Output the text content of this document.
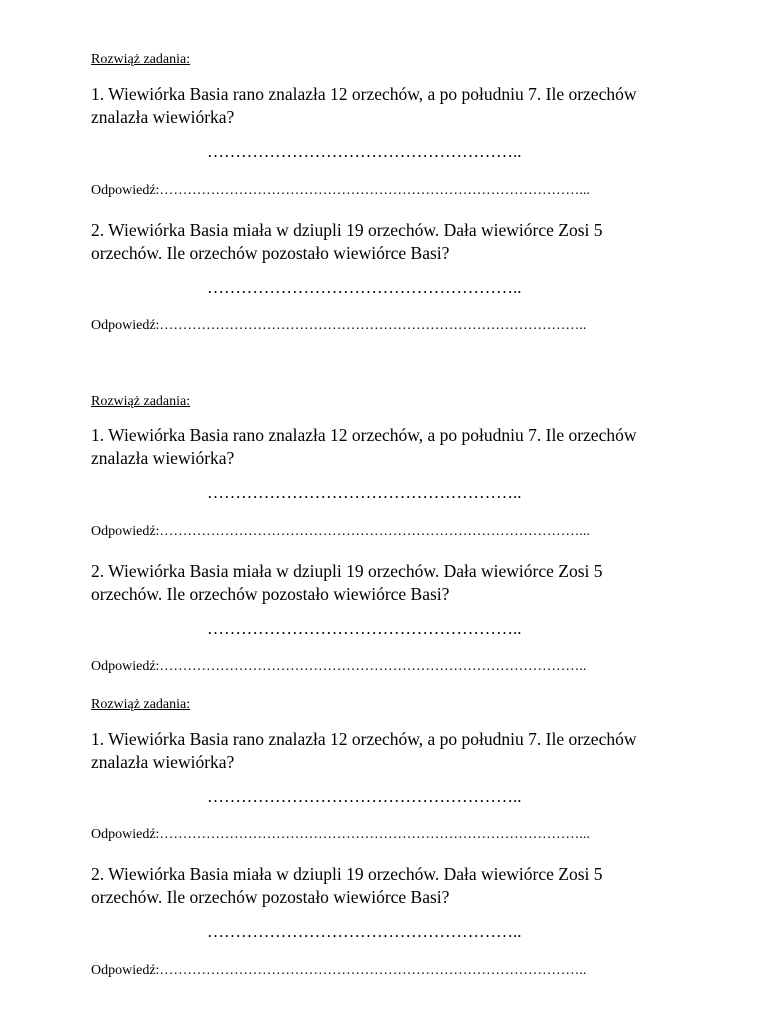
Rozwiąż zadania:
1. Wiewiórka Basia rano znalazła 12 orzechów, a po południu 7. Ile orzechów
znalazła wiewiórka?
………………………………………………..
Odpowiedź:………………………………………………………………………………...
2. Wiewiórka Basia miała w dziupli 19 orzechów. Dała wiewiórce Zosi 5
orzechów. Ile orzechów pozostało wiewiórce Basi?
………………………………………………..
Odpowiedź:………………………………………………………………………………..
Rozwiąż zadania:
1. Wiewiórka Basia rano znalazła 12 orzechów, a po południu 7. Ile orzechów
znalazła wiewiórka?
………………………………………………..
Odpowiedź:………………………………………………………………………………...
2. Wiewiórka Basia miała w dziupli 19 orzechów. Dała wiewiórce Zosi 5
orzechów. Ile orzechów pozostało wiewiórce Basi?
………………………………………………..
Odpowiedź:………………………………………………………………………………..
Rozwiąż zadania:
1. Wiewiórka Basia rano znalazła 12 orzechów, a po południu 7. Ile orzechów
znalazła wiewiórka?
………………………………………………..
Odpowiedź:………………………………………………………………………………...
2. Wiewiórka Basia miała w dziupli 19 orzechów. Dała wiewiórce Zosi 5
orzechów. Ile orzechów pozostało wiewiórce Basi?
………………………………………………..
Odpowiedź:………………………………………………………………………………..
